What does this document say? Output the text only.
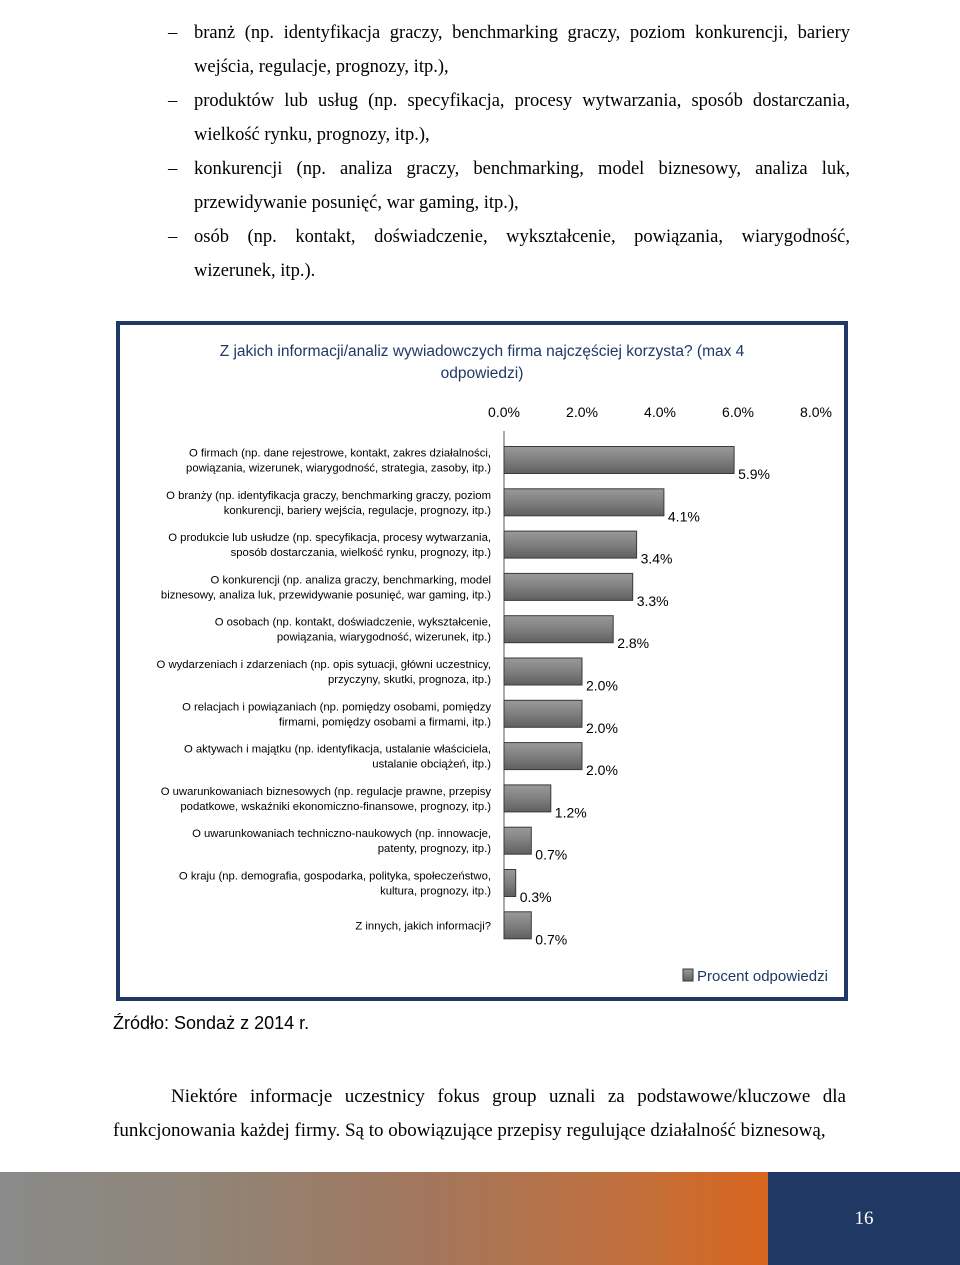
– branż (np. identyfikacja graczy, benchmarking graczy, poziom konkurencji, bariery wejścia, regulacje, prognozy, itp.),
– produktów lub usług (np. specyfikacja, procesy wytwarzania, sposób dostarczania, wielkość rynku, prognozy, itp.),
– konkurencji (np. analiza graczy, benchmarking, model biznesowy, analiza luk, przewidywanie posunięć, war gaming, itp.),
– osób (np. kontakt, doświadczenie, wykształcenie, powiązania, wiarygodność, wizerunek, itp.).
Z jakich informacji/analiz wywiadowczych firma najczęściej korzysta? (max 4
odpowiedzi)
0.0%	2.0%	4.0%	6.0%	8.0%
O firmach (np. dane rejestrowe, kontakt, zakres działalności,
powiązania, wizerunek, wiarygodność, strategia, zasoby, itp.)	5.9%
O branży (np. identyfikacja graczy, benchmarking graczy, poziom
konkurencji, bariery wejścia, regulacje, prognozy, itp.)	4.1%
O produkcie lub usłudze (np. specyfikacja, procesy wytwarzania,
sposób dostarczania, wielkość rynku, prognozy, itp.)	3.4%
O konkurencji (np. analiza graczy, benchmarking, model
biznesowy, analiza luk, przewidywanie posunięć, war gaming, itp.)	3.3%
O osobach (np. kontakt, doświadczenie, wykształcenie,
powiązania, wiarygodność, wizerunek, itp.)	2.8%
O wydarzeniach i zdarzeniach (np. opis sytuacji, główni uczestnicy,
przyczyny, skutki, prognoza, itp.)	2.0%
O relacjach i powiązaniach (np. pomiędzy osobami, pomiędzy
firmami, pomiędzy osobami a firmami, itp.)	2.0%
O aktywach i majątku (np. identyfikacja, ustalanie właściciela,
ustalanie obciążeń, itp.)	2.0%
O uwarunkowaniach biznesowych (np. regulacje prawne, przepisy
podatkowe, wskaźniki ekonomiczno-finansowe, prognozy, itp.)	1.2%
O uwarunkowaniach techniczno-naukowych (np. innowacje,
patenty, prognozy, itp.)	0.7%
O kraju (np. demografia, gospodarka, polityka, społeczeństwo,
kultura, prognozy, itp.) 0.3%
Z innych, jakich informacji?
0.7%
Procent odpowiedzi
Źródło: Sondaż z 2014 r.
Niektóre informacje uczestnicy fokus group uznali za podstawowe/kluczowe dla funkcjonowania każdej firmy. Są to obowiązujące przepisy regulujące działalność biznesową,
16
